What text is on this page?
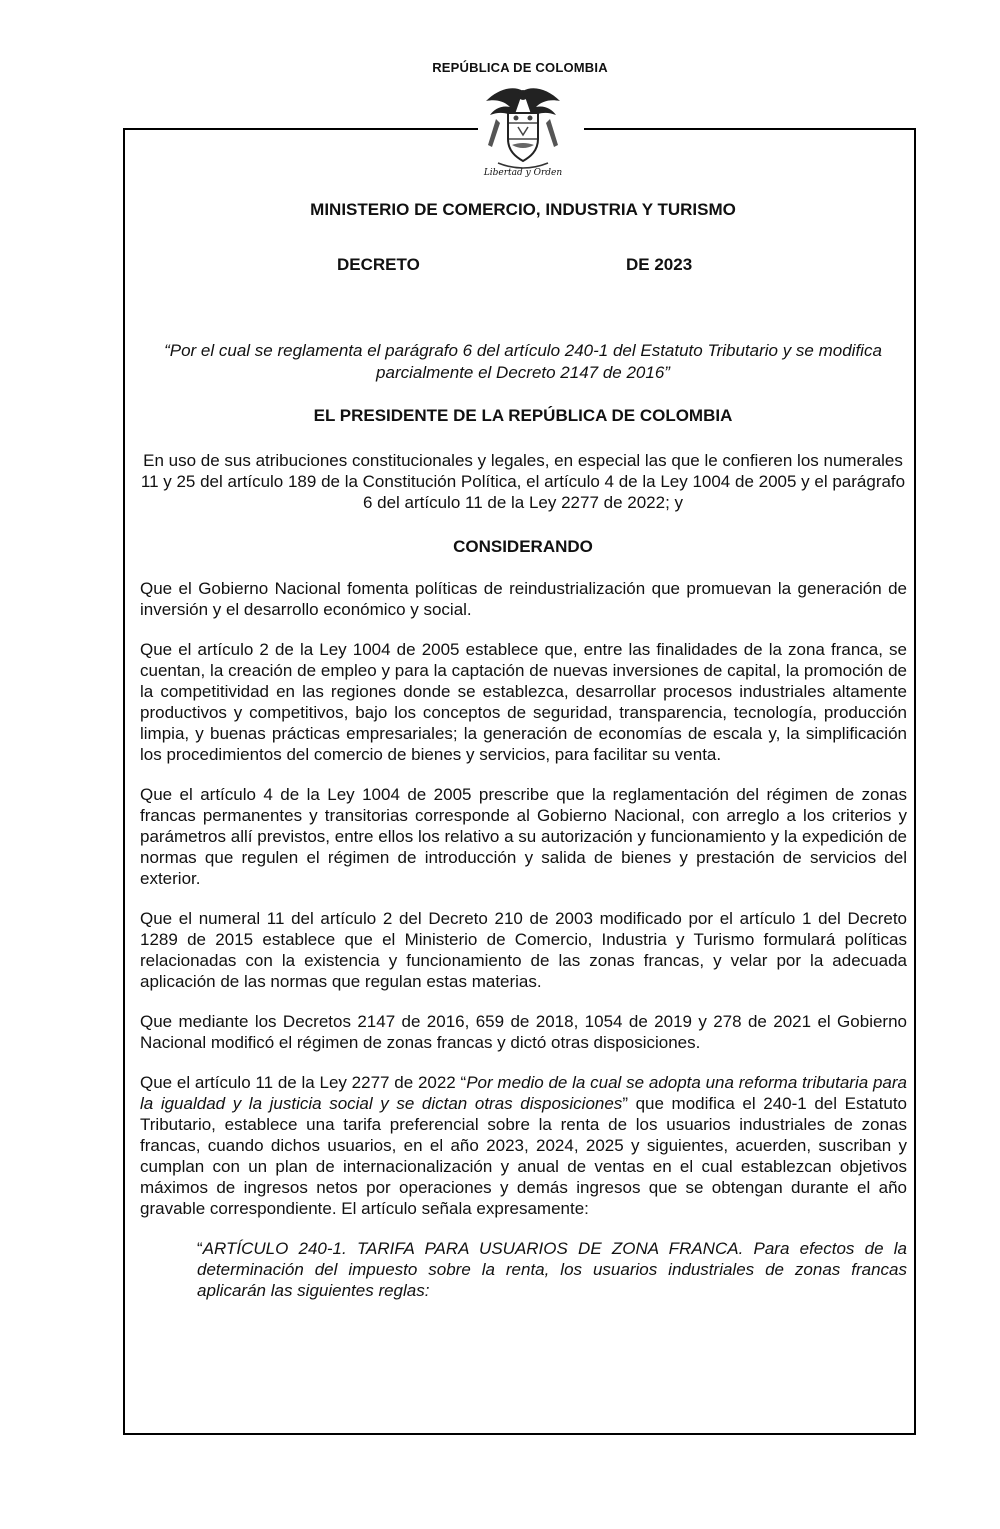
REPÚBLICA DE COLOMBIA
Libertad y Orden
MINISTERIO DE COMERCIO, INDUSTRIA Y TURISMO
DECRETO	DE 2023
“Por el cual se reglamenta el parágrafo 6 del artículo 240-1 del Estatuto Tributario y se modifica parcialmente el Decreto 2147 de 2016”
EL PRESIDENTE DE LA REPÚBLICA DE COLOMBIA
En uso de sus atribuciones constitucionales y legales, en especial las que le confieren los numerales 11 y 25 del artículo 189 de la Constitución Política, el artículo 4 de la Ley 1004 de 2005 y el parágrafo 6 del artículo 11 de la Ley 2277 de 2022; y
CONSIDERANDO

Que el Gobierno Nacional fomenta políticas de reindustrialización que promuevan la generación de inversión y el desarrollo económico y social.

Que el artículo 2 de la Ley 1004 de 2005 establece que, entre las finalidades de la zona franca, se cuentan, la creación de empleo y para la captación de nuevas inversiones de capital, la promoción de la competitividad en las regiones donde se establezca, desarrollar procesos industriales altamente productivos y competitivos, bajo los conceptos de seguridad, transparencia, tecnología, producción limpia, y buenas prácticas empresariales; la generación de economías de escala y, la simplificación los procedimientos del comercio de bienes y servicios, para facilitar su venta.

Que el artículo 4 de la Ley 1004 de 2005 prescribe que la reglamentación del régimen de zonas francas permanentes y transitorias corresponde al Gobierno Nacional, con arreglo a los criterios y parámetros allí previstos, entre ellos los relativo a su autorización y funcionamiento y la expedición de normas que regulen el régimen de introducción y salida de bienes y prestación de servicios del exterior.

Que el numeral 11 del artículo 2 del Decreto 210 de 2003 modificado por el artículo 1 del Decreto 1289 de 2015 establece que el Ministerio de Comercio, Industria y Turismo formulará políticas relacionadas con la existencia y funcionamiento de las zonas francas, y velar por la adecuada aplicación de las normas que regulan estas materias.

Que mediante los Decretos 2147 de 2016, 659 de 2018, 1054 de 2019 y 278 de 2021 el Gobierno Nacional modificó el régimen de zonas francas y dictó otras disposiciones.

Que el artículo 11 de la Ley 2277 de 2022 “Por medio de la cual se adopta una reforma tributaria para la igualdad y la justicia social y se dictan otras disposiciones” que modifica el 240-1 del Estatuto Tributario, establece una tarifa preferencial sobre la renta de los usuarios industriales de zonas francas, cuando dichos usuarios, en el año 2023, 2024, 2025 y siguientes, acuerden, suscriban y cumplan con un plan de internacionalización y anual de ventas en el cual establezcan objetivos máximos de ingresos netos por operaciones y demás ingresos que se obtengan durante el año gravable correspondiente. El artículo señala expresamente:

“ARTÍCULO 240-1. TARIFA PARA USUARIOS DE ZONA FRANCA. Para efectos de la determinación del impuesto sobre la renta, los usuarios industriales de zonas francas aplicarán las siguientes reglas:
